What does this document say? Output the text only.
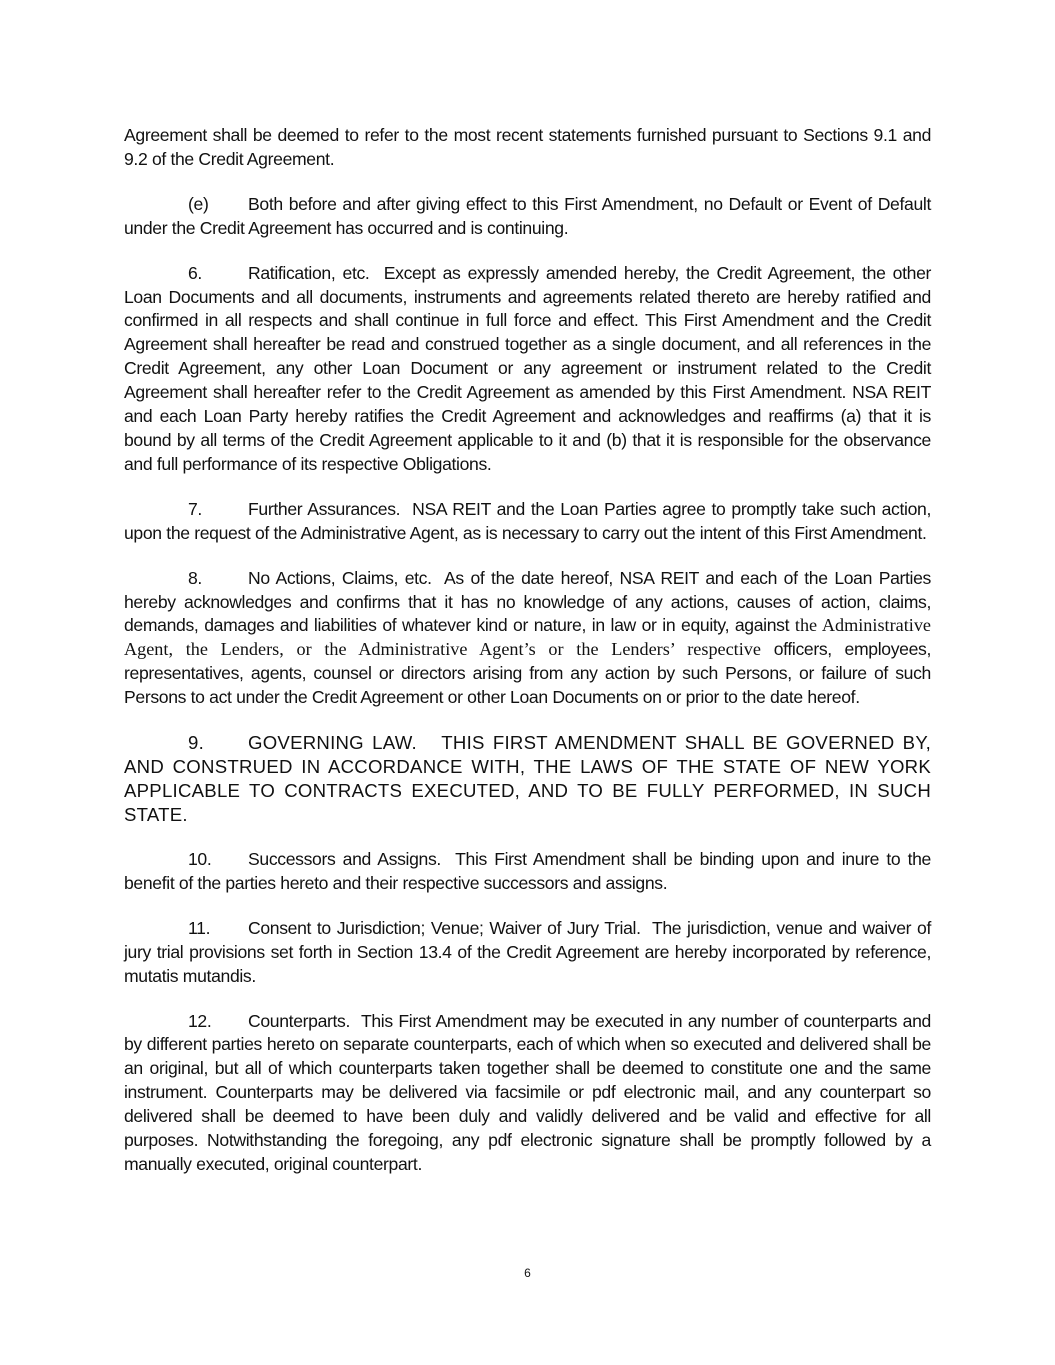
Agreement shall be deemed to refer to the most recent statements furnished pursuant to Sections 9.1 and 9.2 of the Credit Agreement.

(e) Both before and after giving effect to this First Amendment, no Default or Event of Default under the Credit Agreement has occurred and is continuing.

6.	Ratification, etc. Except as expressly amended hereby, the Credit Agreement, the other Loan Documents and all documents, instruments and agreements related thereto are hereby ratified and confirmed in all respects and shall continue in full force and effect. This First Amendment and the Credit Agreement shall hereafter be read and construed together as a single document, and all references in the Credit Agreement, any other Loan Document or any agreement or instrument related to the Credit Agreement shall hereafter refer to the Credit Agreement as amended by this First Amendment. NSA REIT and each Loan Party hereby ratifies the Credit Agreement and acknowledges and reaffirms (a) that it is bound by all terms of the Credit Agreement applicable to it and (b) that it is responsible for the observance and full performance of its respective Obligations.

7.	Further Assurances. NSA REIT and the Loan Parties agree to promptly take such action, upon the request of the Administrative Agent, as is necessary to carry out the intent of this First Amendment.

8.	No Actions, Claims, etc. As of the date hereof, NSA REIT and each of the Loan Parties hereby acknowledges and confirms that it has no knowledge of any actions, causes of action, claims, demands, damages and liabilities of whatever kind or nature, in law or in equity, against the Administrative Agent, the Lenders, or the Administrative Agent’s or the Lenders’ respective officers, employees, representatives, agents, counsel or directors arising from any action by such Persons, or failure of such Persons to act under the Credit Agreement or other Loan Documents on or prior to the date hereof.

9. GOVERNING LAW. THIS FIRST AMENDMENT SHALL BE GOVERNED BY, AND CONSTRUED IN ACCORDANCE WITH, THE LAWS OF THE STATE OF NEW YORK APPLICABLE TO CONTRACTS EXECUTED, AND TO BE FULLY PERFORMED, IN SUCH STATE.

10. Successors and Assigns. This First Amendment shall be binding upon and inure to the benefit of the parties hereto and their respective successors and assigns.

11. Consent to Jurisdiction; Venue; Waiver of Jury Trial. The jurisdiction, venue and waiver of jury trial provisions set forth in Section 13.4 of the Credit Agreement are hereby incorporated by reference, mutatis mutandis.

12. Counterparts. This First Amendment may be executed in any number of counterparts and by different parties hereto on separate counterparts, each of which when so executed and delivered shall be an original, but all of which counterparts taken together shall be deemed to constitute one and the same instrument. Counterparts may be delivered via facsimile or pdf electronic mail, and any counterpart so delivered shall be deemed to have been duly and validly delivered and be valid and effective for all purposes. Notwithstanding the foregoing, any pdf electronic signature shall be promptly followed by a manually executed, original counterpart.

6
